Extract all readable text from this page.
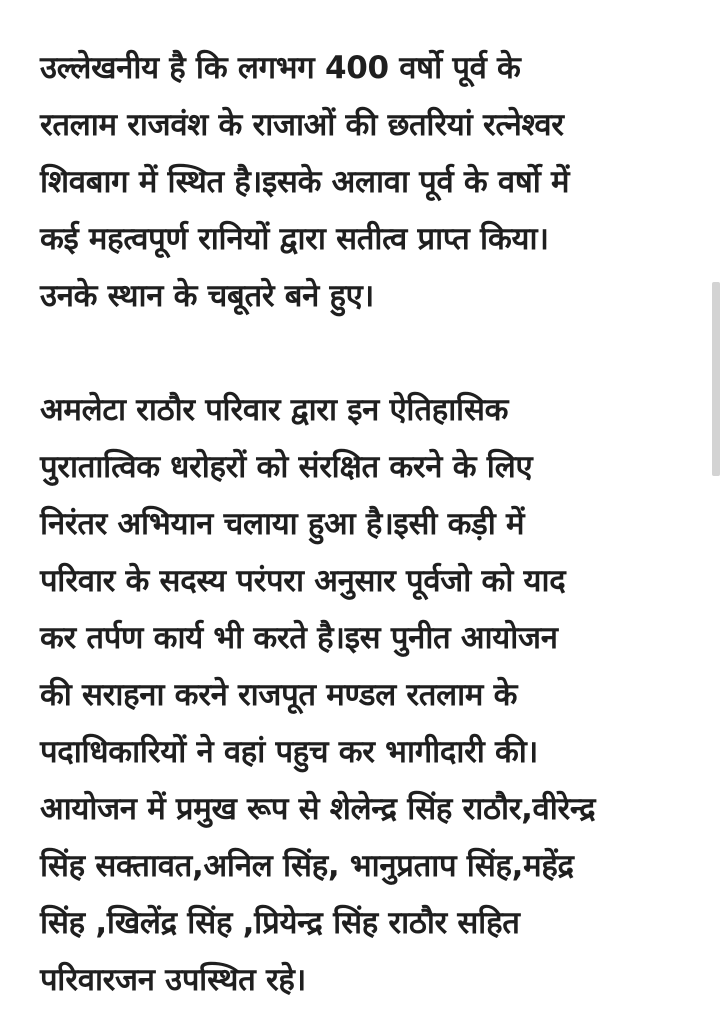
उल्लेखनीय है कि लगभग 400 वर्षो पूर्व के
रतलाम राजवंश के राजाओं की छतरियां रत्नेश्वर
शिवबाग में स्थित है।इसके अलावा पूर्व के वर्षो में
कई महत्वपूर्ण रानियों द्वारा सतीत्व प्राप्त किया।
उनके स्थान के चबूतरे बने हुए।

अमलेटा राठौर परिवार द्वारा इन ऐतिहासिक
पुरातात्विक धरोहरों को संरक्षित करने के लिए
निरंतर अभियान चलाया हुआ है।इसी कड़ी में
परिवार के सदस्य परंपरा अनुसार पूर्वजो को याद
कर तर्पण कार्य भी करते है।इस पुनीत आयोजन
की सराहना करने राजपूत मण्डल रतलाम के
पदाधिकारियों ने वहां पहुच कर भागीदारी की।
आयोजन में प्रमुख रूप से शेलेन्द्र सिंह राठौर,वीरेन्द्र
सिंह सक्तावत,अनिल सिंह, भानुप्रताप सिंह,महेंद्र
सिंह ,खिलेंद्र सिंह ,प्रियेन्द्र सिंह राठौर सहित
परिवारजन उपस्थित रहे।
